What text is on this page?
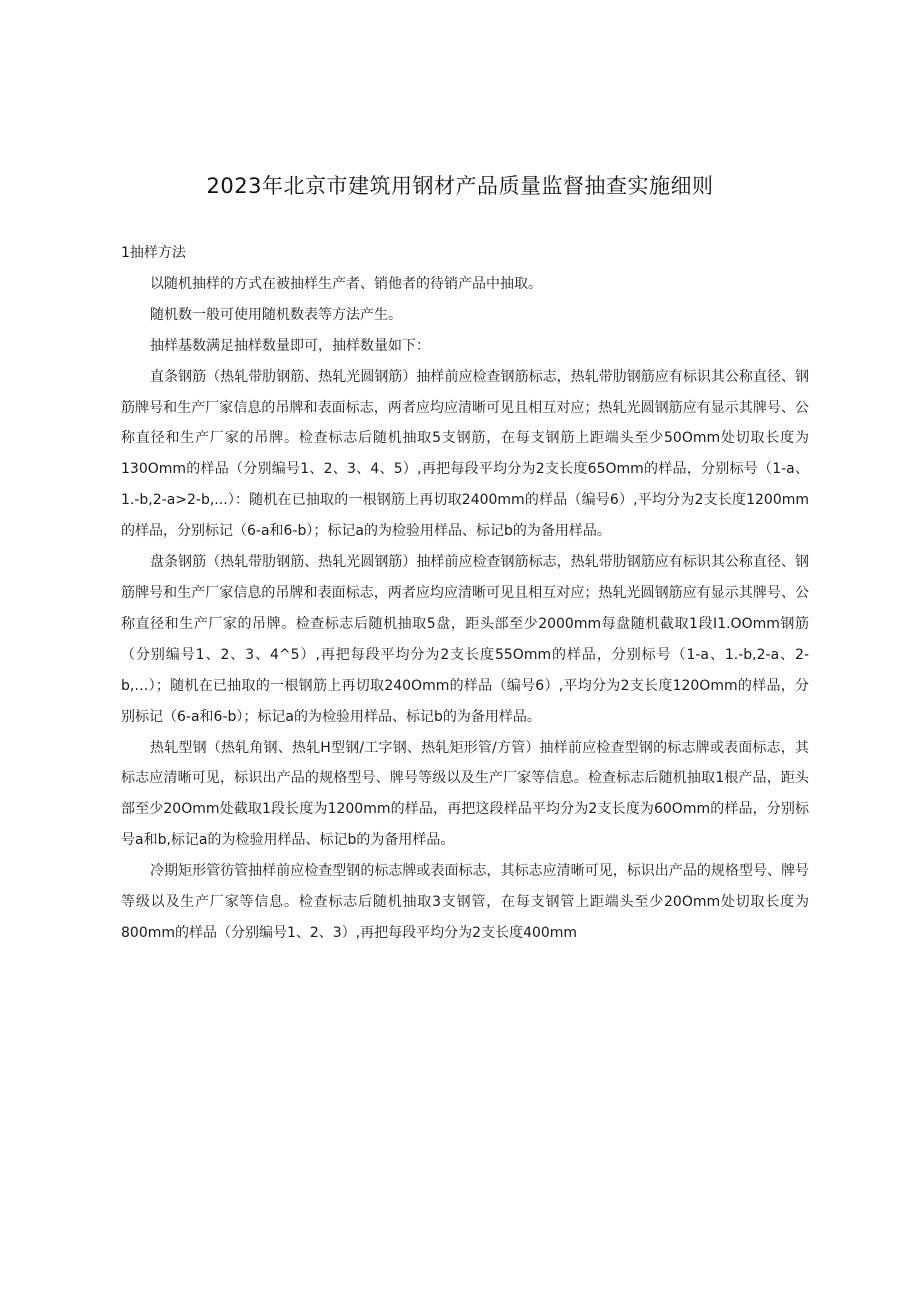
2023年北京市建筑用钢材产品质量监督抽查实施细则

1抽样方法

以随机抽样的方式在被抽样生产者、销他者的待销产品中抽取。

随机数一般可使用随机数表等方法产生。

抽样基数满足抽样数量即可，抽样数量如下：

直条钢筋（热轧带肋钢筋、热轧光圆钢筋）抽样前应检查钢筋标志，热轧带肋钢筋应有标识其公称直径、钢筋牌号和生产厂家信息的吊牌和表面标志，两者应均应清晰可见且相互对应；热轧光圆钢筋应有显示其牌号、公称直径和生产厂家的吊牌。检查标志后随机抽取5支钢筋，在每支钢筋上距端头至少50Omm处切取长度为130Omm的样品（分别编号1、2、3、4、5）,再把每段平均分为2支长度65Omm的样品，分别标号（1-a、1.-b,2-a>2-b,...）：随机在已抽取的一根钢筋上再切取2400mm的样品（编号6）,平均分为2支长度1200mm的样品，分别标记（6-a和6-b）；标记a的为检验用样品、标记b的为备用样品。

盘条钢筋（热轧带肋钢筋、热轧光圆钢筋）抽样前应检查钢筋标志，热轧带肋钢筋应有标识其公称直径、钢筋牌号和生产厂家信息的吊牌和表面标志，两者应均应清晰可见且相互对应；热轧光圆钢筋应有显示其牌号、公称直径和生产厂家的吊牌。检查标志后随机抽取5盘，距头部至少2000mm每盘随机截取1段I1.OOmm钢筋（分别编号1、2、3、4^5）,再把每段平均分为2支长度55Omm的样品，分别标号（1-a、1.-b,2-a、2-b,…）；随机在已抽取的一根钢筋上再切取240Omm的样品（编号6）,平均分为2支长度120Omm的样品，分别标记（6-a和6-b）；标记a的为检验用样品、标记b的为备用样品。

热轧型钢（热轧角钢、热轧H型钢/工字钢、热轧矩形管/方管）抽样前应检查型钢的标志牌或表面标志，其标志应清晰可见，标识出产品的规格型号、牌号等级以及生产厂家等信息。检查标志后随机抽取1根产品，距头部至少20Omm处截取1段长度为1200mm的样品，再把这段样品平均分为2支长度为60Omm的样品，分别标号a和b,标记a的为检验用样品、标记b的为备用样品。

冷期矩形管彷管抽样前应检查型钢的标志牌或表面标志，其标志应清晰可见，标识出产品的规格型号、牌号等级以及生产厂家等信息。检查标志后随机抽取3支钢管，在每支钢管上距端头至少20Omm处切取长度为800mm的样品（分别编号1、2、3）,再把每段平均分为2支长度400mm
